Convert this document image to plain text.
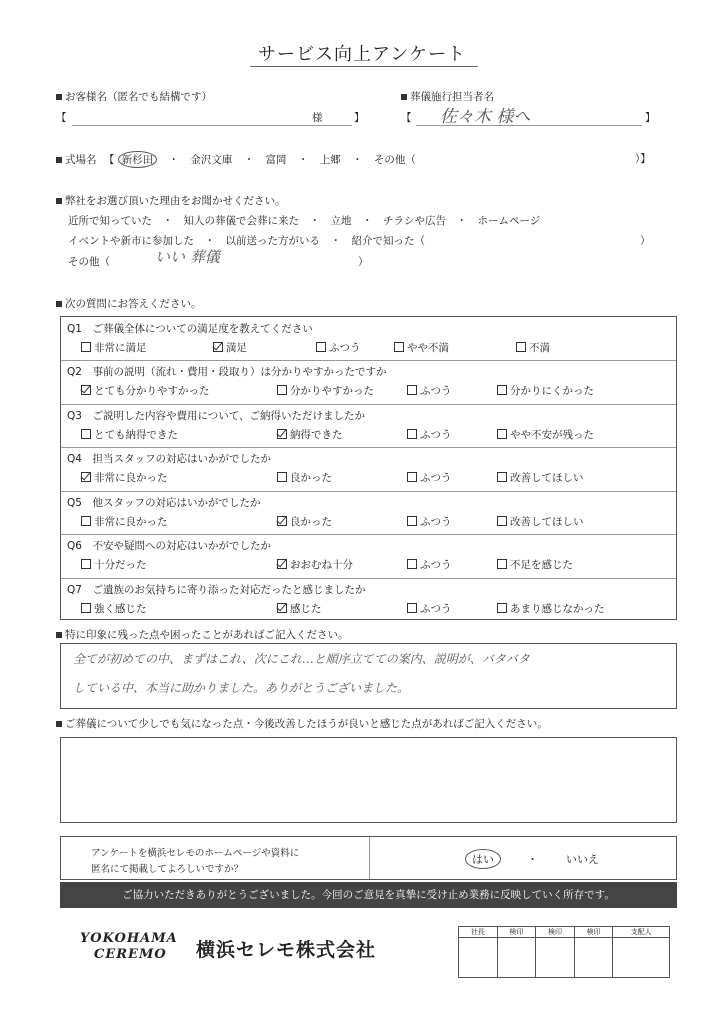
サービス向上アンケート
お客様名（匿名でも結構です）
【	様	】
葬儀施行担当者名
【 佐々木 様へ	】
式場名 【 新杉田 ・ 金沢文庫 ・ 富岡 ・ 上郷 ・ その他（	）】
弊社をお選び頂いた理由をお聞かせください。
近所で知っていた　・　知人の葬儀で会葬に来た　・　立地　・　チラシや広告　・　ホームページ
イベントや新市に参加した　・　以前送った方がいる　・　紹介で知った（	）
その他（	いい 葬儀	）
次の質問にお答えください。
Q1　ご葬儀全体についての満足度を教えてください
非常に満足	満足	ふつう	やや不満	不満
Q2　事前の説明（流れ・費用・段取り）は分かりやすかったですか
とても分かりやすかった	分かりやすかった	ふつう	分かりにくかった
Q3　ご説明した内容や費用について、ご納得いただけましたか
とても納得できた	納得できた	ふつう	やや不安が残った
Q4　担当スタッフの対応はいかがでしたか
非常に良かった	良かった	ふつう	改善してほしい
Q5　他スタッフの対応はいかがでしたか
非常に良かった	良かった	ふつう	改善してほしい
Q6　不安や疑問への対応はいかがでしたか
十分だった	おおむね十分	ふつう	不足を感じた
Q7　ご遺族のお気持ちに寄り添った対応だったと感じましたか
強く感じた	感じた	ふつう	あまり感じなかった
特に印象に残った点や困ったことがあればご記入ください。
全てが初めての中、まずはこれ、次にこれ…と順序立てての案内、説明が、バタバタ
している中、本当に助かりました。ありがとうございました。
ご葬儀について少しでも気になった点・今後改善したほうが良いと感じた点があればご記入ください。
アンケートを横浜セレモのホームページや資料に
匿名にて掲載してよろしいですか？
はい	・	いいえ
ご協力いただきありがとうございました。今回のご意見を真摯に受け止め業務に反映していく所存です。
YOKOHAMA
CEREMO 横浜セレモ株式会社
社長	検印	検印	検印	支配人
